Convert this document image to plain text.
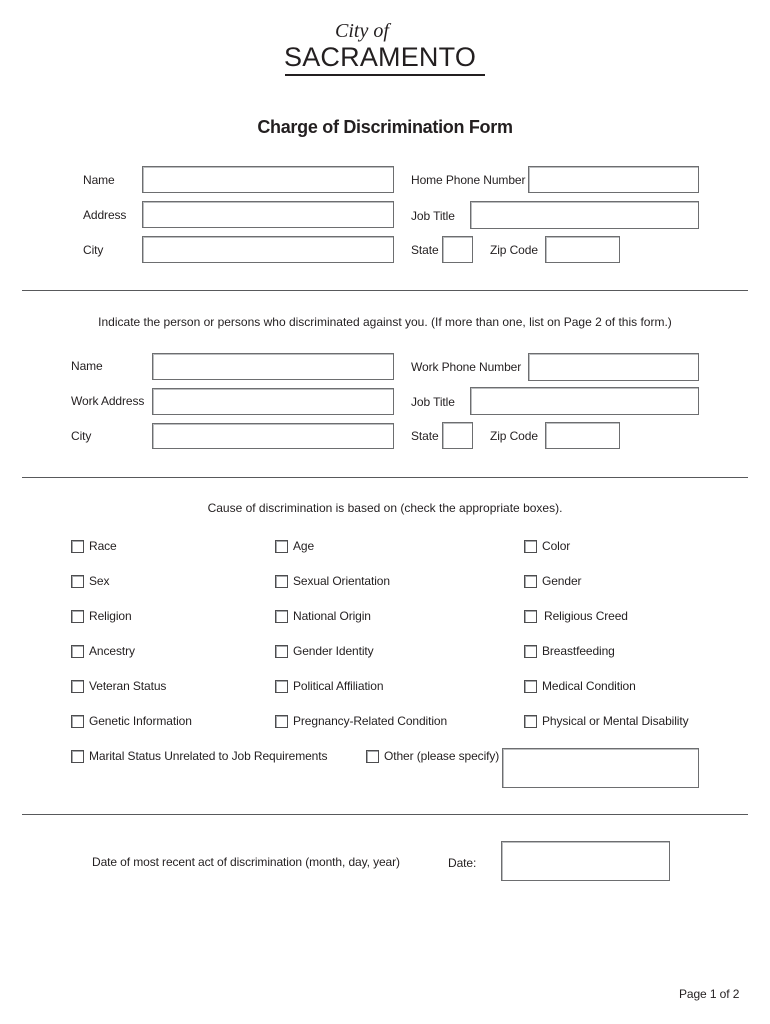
City of
SACRAMENTO
Charge of Discrimination Form
Name	Home Phone Number
Address	Job Title
City	State	Zip Code
Indicate the person or persons who discriminated against you. (If more than one, list on Page 2 of this form.)
Name	Work Phone Number
Work Address	Job Title
City	State	Zip Code
Cause of discrimination is based on (check the appropriate boxes).
Race	Age	Color
Sex	Sexual Orientation	Gender
Religion	National Origin	Religious Creed
Ancestry	Gender Identity	Breastfeeding
Veteran Status	Political Affiliation	Medical Condition
Genetic Information	Pregnancy-Related Condition	Physical or Mental Disability
Marital Status Unrelated to Job Requirements	Other (please specify)
Date of most recent act of discrimination (month, day, year)	Date:
Page 1 of 2
